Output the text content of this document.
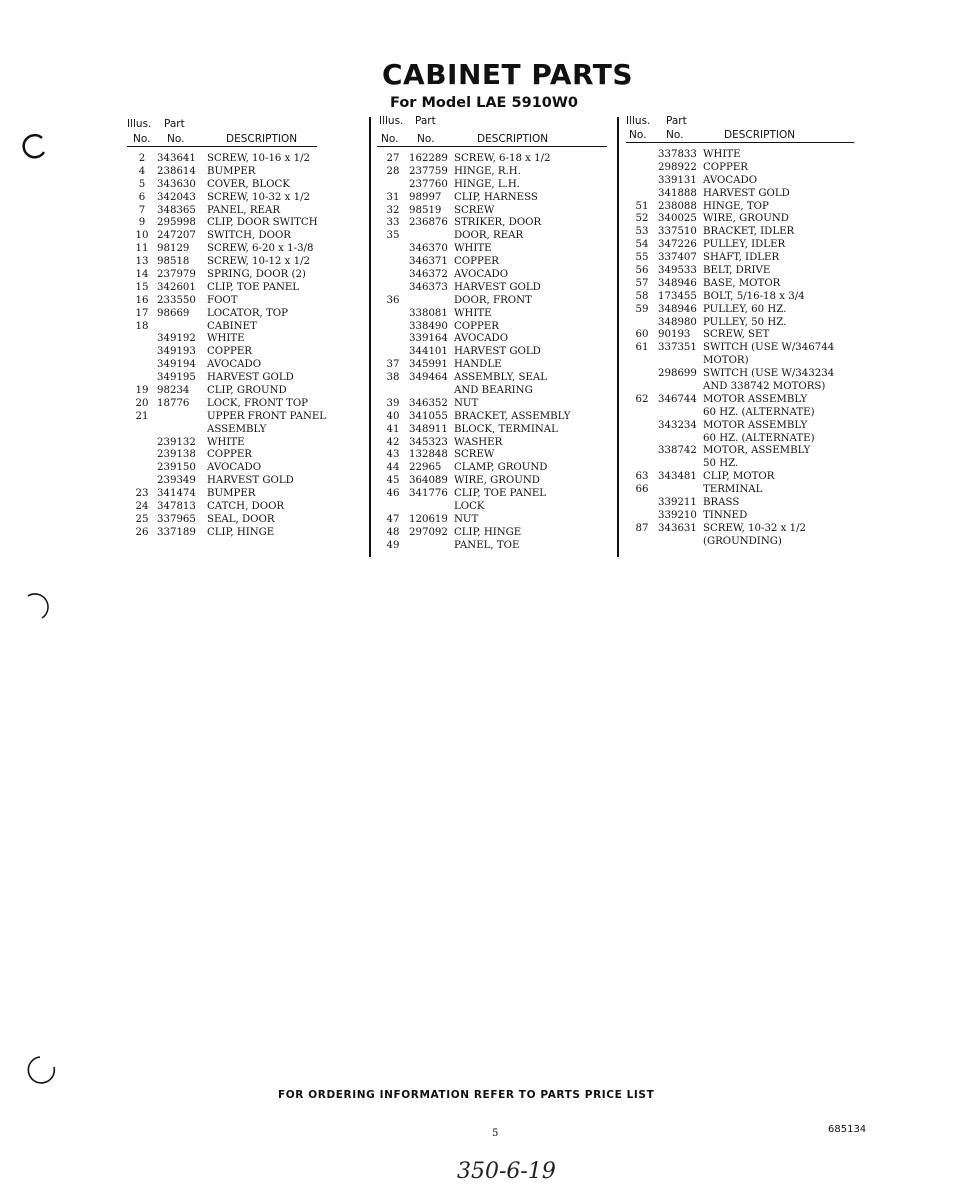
CABINET PARTS
For Model LAE 5910W0
Illus. Part
No. No.	DESCRIPTION
2	343641	SCREW, 10-16 x 1/2
4	238614	BUMPER
5	343630	COVER, BLOCK
6	342043	SCREW, 10-32 x 1/2
7	348365	PANEL, REAR
9	295998	CLIP, DOOR SWITCH
10 247207	SWITCH, DOOR
11 98129	SCREW, 6-20 x 1-3/8
13 98518	SCREW, 10-12 x 1/2
14 237979	SPRING, DOOR (2)
15 342601	CLIP, TOE PANEL
16 233550	FOOT
17 98669	LOCATOR, TOP
18	CABINET
349192	WHITE
349193	COPPER
349194	AVOCADO
349195	HARVEST GOLD
19 98234	CLIP, GROUND
20 18776	LOCK, FRONT TOP
21	UPPER FRONT PANEL
ASSEMBLY
239132	WHITE
239138	COPPER
239150	AVOCADO
239349	HARVEST GOLD
23 341474	BUMPER
24 347813	CATCH, DOOR
25 337965	SEAL, DOOR
26 337189	CLIP, HINGE
Illus. Part
No. No.	DESCRIPTION
27 162289 SCREW, 6-18 x 1/2
28 237759 HINGE, R.H.
237760 HINGE, L.H.
31 98997	CLIP, HARNESS
32 98519	SCREW
33 236876 STRIKER, DOOR
35	DOOR, REAR
346370 WHITE
346371 COPPER
346372 AVOCADO
346373 HARVEST GOLD
36	DOOR, FRONT
338081 WHITE
338490 COPPER
339164 AVOCADO
344101 HARVEST GOLD
37 345991 HANDLE
38 349464 ASSEMBLY, SEAL
AND BEARING
39 346352 NUT
40 341055 BRACKET, ASSEMBLY
41 348911 BLOCK, TERMINAL
42 345323 WASHER
43 132848 SCREW
44 22965	CLAMP, GROUND
45 364089 WIRE, GROUND
46 341776 CLIP, TOE PANEL
LOCK
47 120619 NUT
48 297092 CLIP, HINGE
49	PANEL, TOE
Illus. Part
No. No.	DESCRIPTION
337833 WHITE
298922 COPPER
339131 AVOCADO
341888 HARVEST GOLD
51 238088 HINGE, TOP
52 340025 WIRE, GROUND
53 337510 BRACKET, IDLER
54 347226 PULLEY, IDLER
55 337407 SHAFT, IDLER
56 349533 BELT, DRIVE
57 348946 BASE, MOTOR
58 173455 BOLT, 5/16-18 x 3/4
59 348946 PULLEY, 60 HZ.
348980 PULLEY, 50 HZ.
60 90193	SCREW, SET
61 337351 SWITCH (USE W/346744
MOTOR)
298699 SWITCH (USE W/343234
AND 338742 MOTORS)
62 346744 MOTOR ASSEMBLY
60 HZ. (ALTERNATE)
343234 MOTOR ASSEMBLY
60 HZ. (ALTERNATE)
338742 MOTOR, ASSEMBLY
50 HZ.
63 343481 CLIP, MOTOR
66	TERMINAL
339211 BRASS
339210 TINNED
87 343631 SCREW, 10-32 x 1/2
(GROUNDING)
FOR ORDERING INFORMATION REFER TO PARTS PRICE LIST
5	685134
350-6-19
